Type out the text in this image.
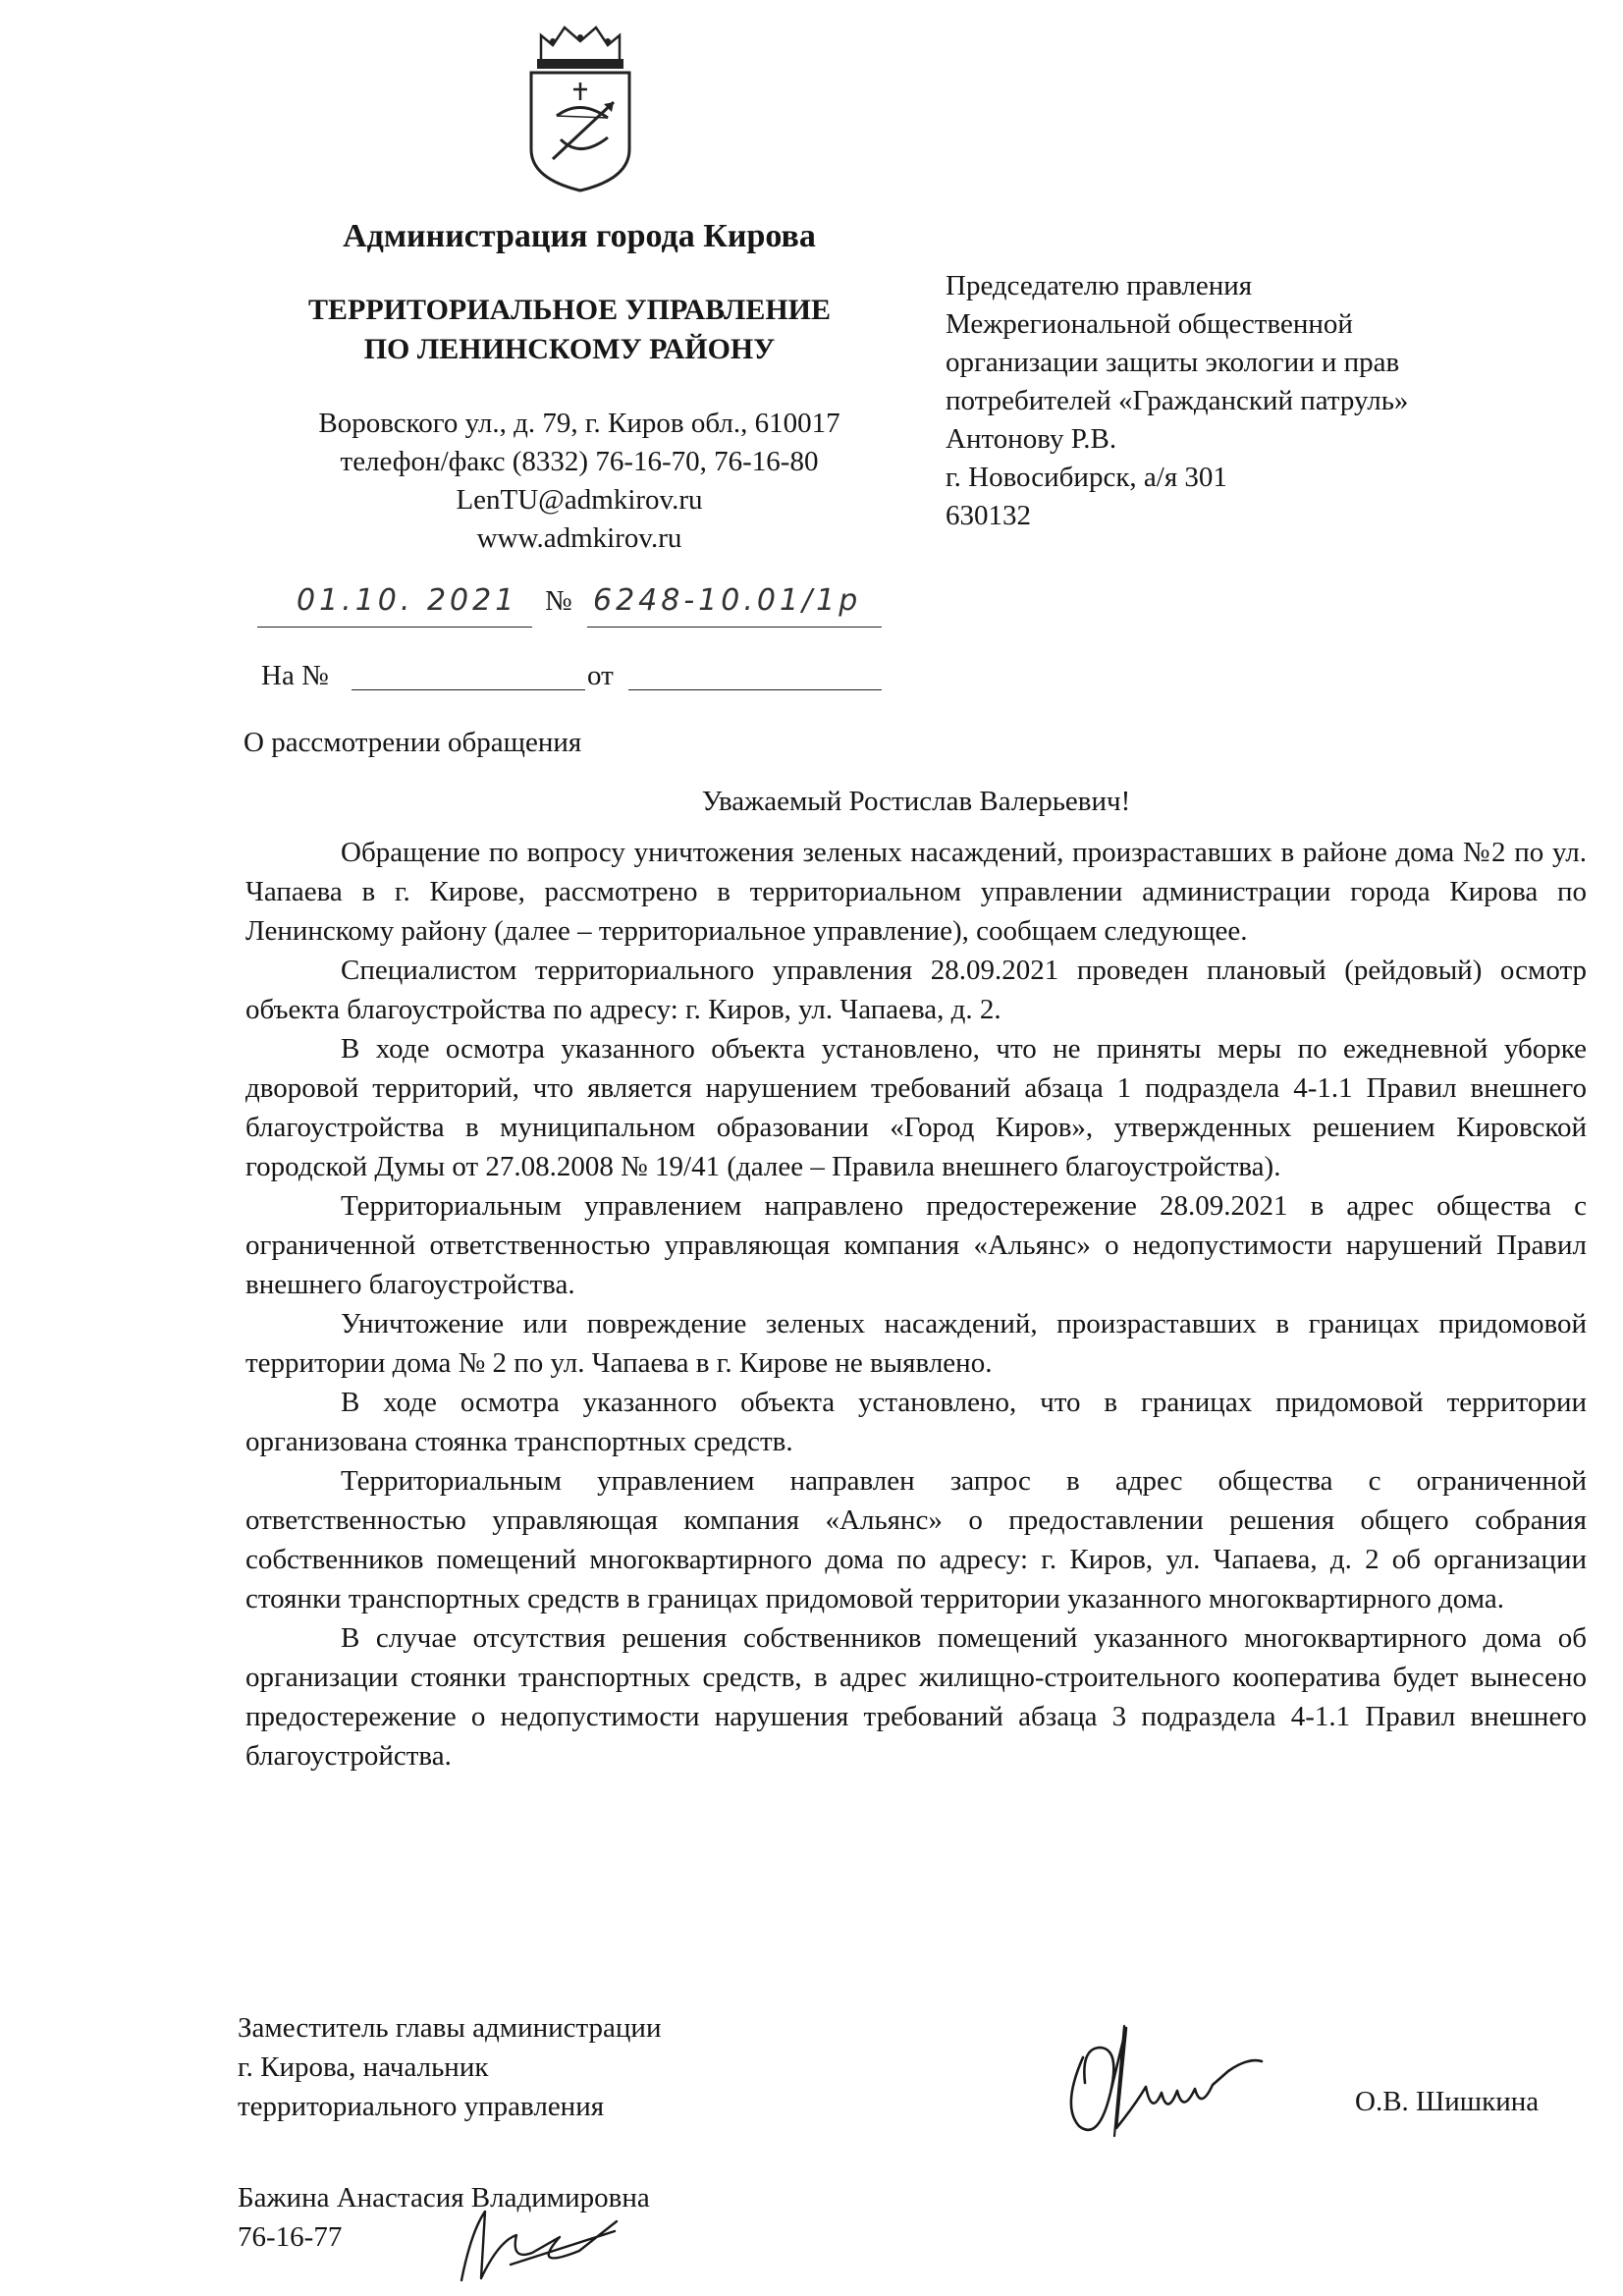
Администрация города Кирова
ТЕРРИТОРИАЛЬНОЕ УПРАВЛЕНИЕ
ПО ЛЕНИНСКОМУ РАЙОНУ
Воровского ул., д. 79, г. Киров обл., 610017
телефон/факс (8332) 76-16-70, 76-16-80
LenTU@admkirov.ru
www.admkirov.ru
01.10. 2021 № 6248-10.01/1р
На №	от
О рассмотрении обращения
Председателю правления
Межрегиональной общественной
организации защиты экологии и прав
потребителей «Гражданский патруль»
Антонову Р.В.
г. Новосибирск, а/я 301
630132
Уважаемый Ростислав Валерьевич!

Обращение по вопросу уничтожения зеленых насаждений, произраставших в районе дома №2 по ул. Чапаева в г. Кирове, рассмотрено в территориальном управлении администрации города Кирова по Ленинскому району (далее – территориальное управление), сообщаем следующее.

Специалистом территориального управления 28.09.2021 проведен плановый (рейдовый) осмотр объекта благоустройства по адресу: г. Киров, ул. Чапаева, д. 2.

В ходе осмотра указанного объекта установлено, что не приняты меры по ежедневной уборке дворовой территорий, что является нарушением требований абзаца 1 подраздела 4-1.1 Правил внешнего благоустройства в муниципальном образовании «Город Киров», утвержденных решением Кировской городской Думы от 27.08.2008 № 19/41 (далее – Правила внешнего благоустройства).

Территориальным управлением направлено предостережение 28.09.2021 в адрес общества с ограниченной ответственностью управляющая компания «Альянс» о недопустимости нарушений Правил внешнего благоустройства.

Уничтожение или повреждение зеленых насаждений, произраставших в границах придомовой территории дома № 2 по ул. Чапаева в г. Кирове не выявлено.

В ходе осмотра указанного объекта установлено, что в границах придомовой территории организована стоянка транспортных средств.

Территориальным управлением направлен запрос в адрес общества с ограниченной ответственностью управляющая компания «Альянс» о предоставлении решения общего собрания собственников помещений многоквартирного дома по адресу: г. Киров, ул. Чапаева, д. 2 об организации стоянки транспортных средств в границах придомовой территории указанного многоквартирного дома.

В случае отсутствия решения собственников помещений указанного многоквартирного дома об организации стоянки транспортных средств, в адрес жилищно-строительного кооператива будет вынесено предостережение о недопустимости нарушения требований абзаца 3 подраздела 4-1.1 Правил внешнего благоустройства.

Заместитель главы администрации
г. Кирова, начальник
территориального управления	О.В. Шишкина
Бажина Анастасия Владимировна
76-16-77
